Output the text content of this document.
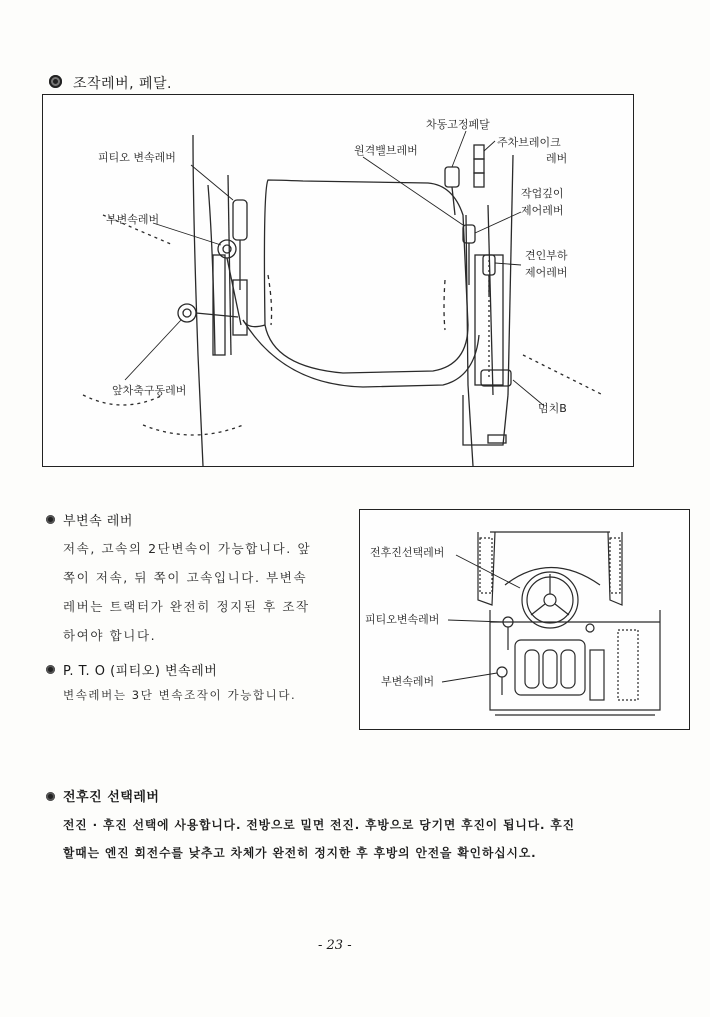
조작레버, 페달.
차동고정페달
주차브레이크
레버
원격밸브레버
피티오 변속레버
부변속레버
작업깊이
제어레버
견인부하
제어레버
앞차축구동레버
멈치B
부변속 레버
저속, 고속의 2단변속이 가능합니다. 앞
쪽이 저속, 뒤 쪽이 고속입니다. 부변속
레버는 트랙터가 완전히 정지된 후 조작
하여야 합니다.
P. T. O (피티오) 변속레버
변속레버는 3단 변속조작이 가능합니다.
전후진선택레버
피티오변속레버
부변속레버
전후진 선택레버
전진 · 후진 선택에 사용합니다. 전방으로 밀면 전진. 후방으로 당기면 후진이 됩니다. 후진
할때는 엔진 회전수를 낮추고 차체가 완전히 정지한 후 후방의 안전을 확인하십시오.
- 23 -
